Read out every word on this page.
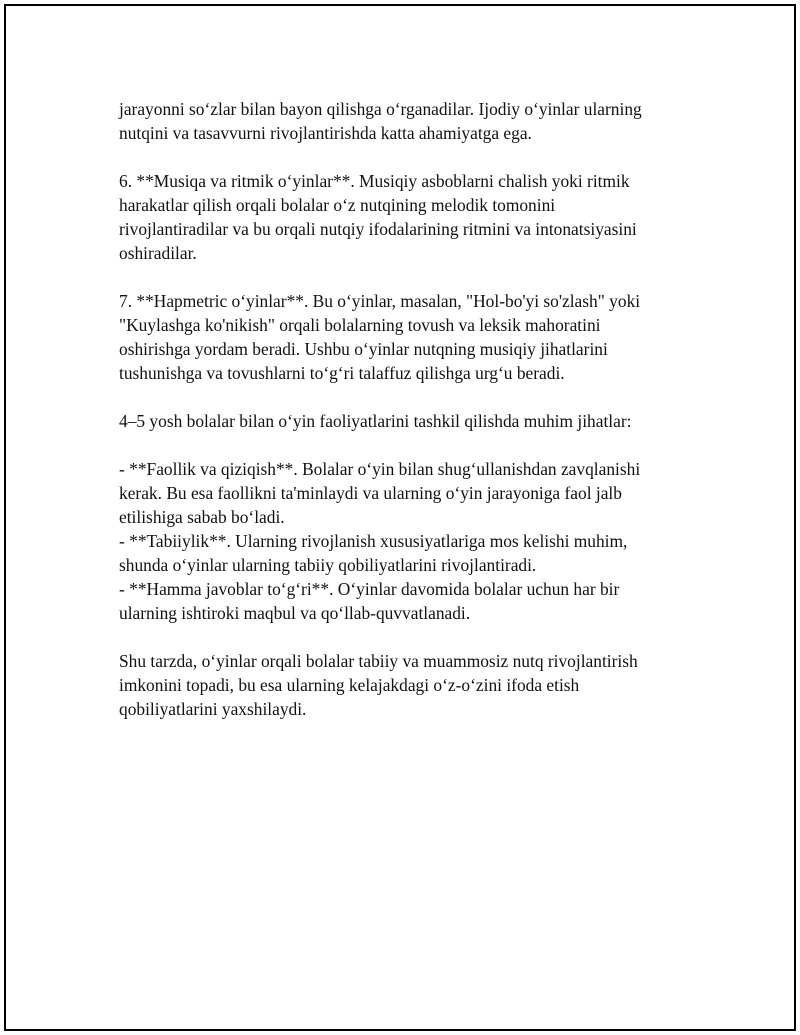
jarayonni so‘zlar bilan bayon qilishga o‘rganadilar. Ijodiy o‘yinlar ularning
nutqini va tasavvurni rivojlantirishda katta ahamiyatga ega.

6. **Musiqa va ritmik o‘yinlar**. Musiqiy asboblarni chalish yoki ritmik
harakatlar qilish orqali bolalar o‘z nutqining melodik tomonini
rivojlantiradilar va bu orqali nutqiy ifodalarining ritmini va intonatsiyasini
oshiradilar.

7. **Hapmetric o‘yinlar**. Bu o‘yinlar, masalan, "Hol-bo'yi so'zlash" yoki
"Kuylashga ko'nikish" orqali bolalarning tovush va leksik mahoratini
oshirishga yordam beradi. Ushbu o‘yinlar nutqning musiqiy jihatlarini
tushunishga va tovushlarni to‘g‘ri talaffuz qilishga urg‘u beradi.

4–5 yosh bolalar bilan o‘yin faoliyatlarini tashkil qilishda muhim jihatlar:

- **Faollik va qiziqish**. Bolalar o‘yin bilan shug‘ullanishdan zavqlanishi
kerak. Bu esa faollikni ta'minlaydi va ularning o‘yin jarayoniga faol jalb
etilishiga sabab bo‘ladi.
- **Tabiiylik**. Ularning rivojlanish xususiyatlariga mos kelishi muhim,
shunda o‘yinlar ularning tabiiy qobiliyatlarini rivojlantiradi.
- **Hamma javoblar to‘g‘ri**. O‘yinlar davomida bolalar uchun har bir
ularning ishtiroki maqbul va qo‘llab-quvvatlanadi.

Shu tarzda, o‘yinlar orqali bolalar tabiiy va muammosiz nutq rivojlantirish
imkonini topadi, bu esa ularning kelajakdagi o‘z-o‘zini ifoda etish
qobiliyatlarini yaxshilaydi.
